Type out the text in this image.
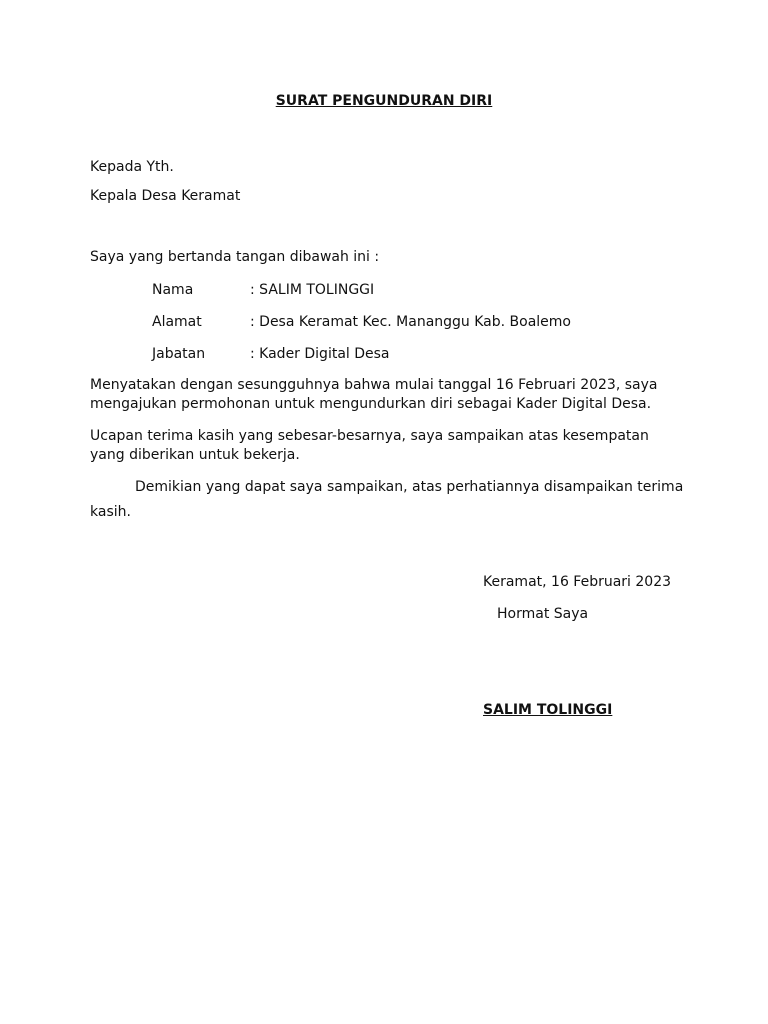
SURAT PENGUNDURAN DIRI
Kepada Yth.
Kepala Desa Keramat
Saya yang bertanda tangan dibawah ini :
Nama	: SALIM TOLINGGI
Alamat	: Desa Keramat Kec. Mananggu Kab. Boalemo
Jabatan	: Kader Digital Desa
Menyatakan dengan sesungguhnya bahwa mulai tanggal 16 Februari 2023, saya
mengajukan permohonan untuk mengundurkan diri sebagai Kader Digital Desa.
Ucapan terima kasih yang sebesar-besarnya, saya sampaikan atas kesempatan
yang diberikan untuk bekerja.
Demikian yang dapat saya sampaikan, atas perhatiannya disampaikan terima kasih.
Keramat, 16 Februari 2023
Hormat Saya
SALIM TOLINGGI
